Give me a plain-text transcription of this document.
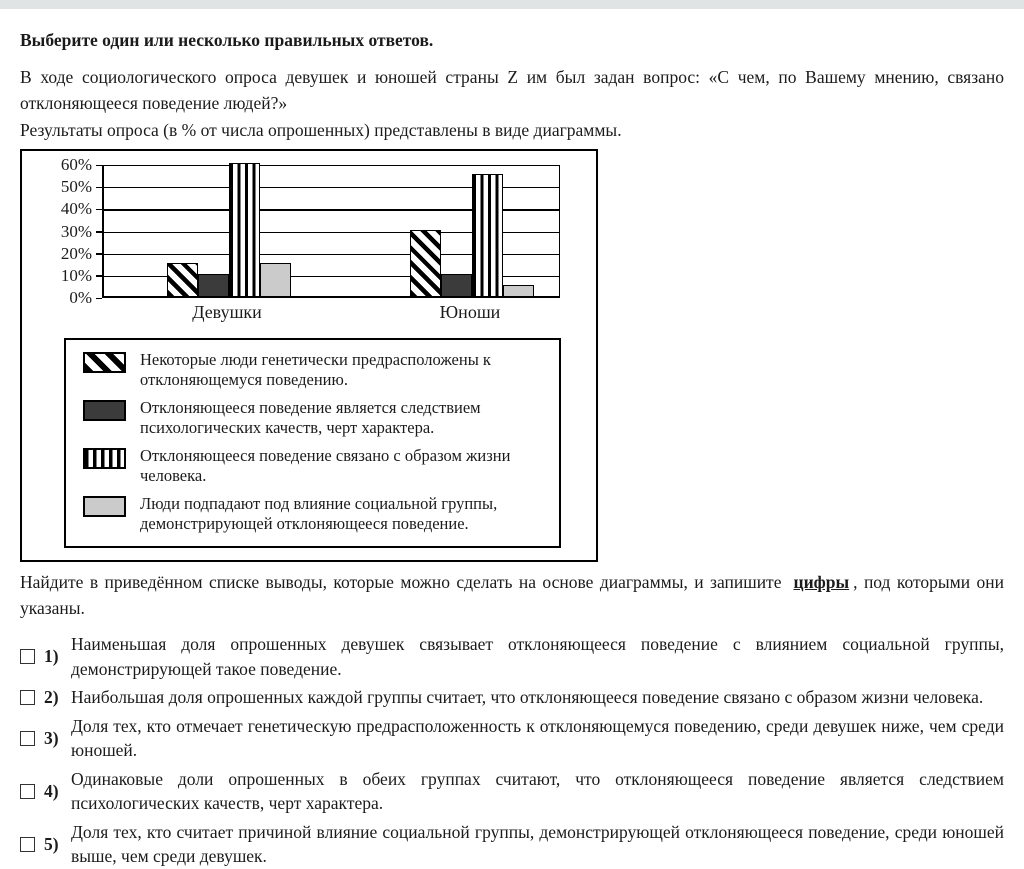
Выберите один или несколько правильных ответов.

В ходе социологического опроса девушек и юношей страны Z им был задан вопрос: «С чем, по Вашему мнению, связано отклоняющееся поведение людей?»

Результаты опроса (в % от числа опрошенных) представлены в виде диаграммы.

60%
50%
40%
30%
20%
10%
0%
Девушки	Юноши
Некоторые люди генетически предрасположены к отклоняющемуся поведению.
Отклоняющееся поведение является следствием психологических качеств, черт характера.
Отклоняющееся поведение связано с образом жизни человека.
Люди подпадают под влияние социальной группы, демонстрирующей отклоняющееся поведение.

Найдите в приведённом списке выводы, которые можно сделать на основе диаграммы, и запишите цифры , под которыми они указаны.

1)
Наименьшая доля опрошенных девушек связывает отклоняющееся поведение с влиянием социальной группы, демонстрирующей такое поведение.
2) Наибольшая доля опрошенных каждой группы считает, что отклоняющееся поведение связано с образом жизни человека.
3)
Доля тех, кто отмечает генетическую предрасположенность к отклоняющемуся поведению, среди девушек ниже, чем среди юношей.
4)
Одинаковые доли опрошенных в обеих группах считают, что отклоняющееся поведение является следствием психологических качеств, черт характера.
5)
Доля тех, кто считает причиной влияние социальной группы, демонстрирующей отклоняющееся поведение, среди юношей выше, чем среди девушек.
